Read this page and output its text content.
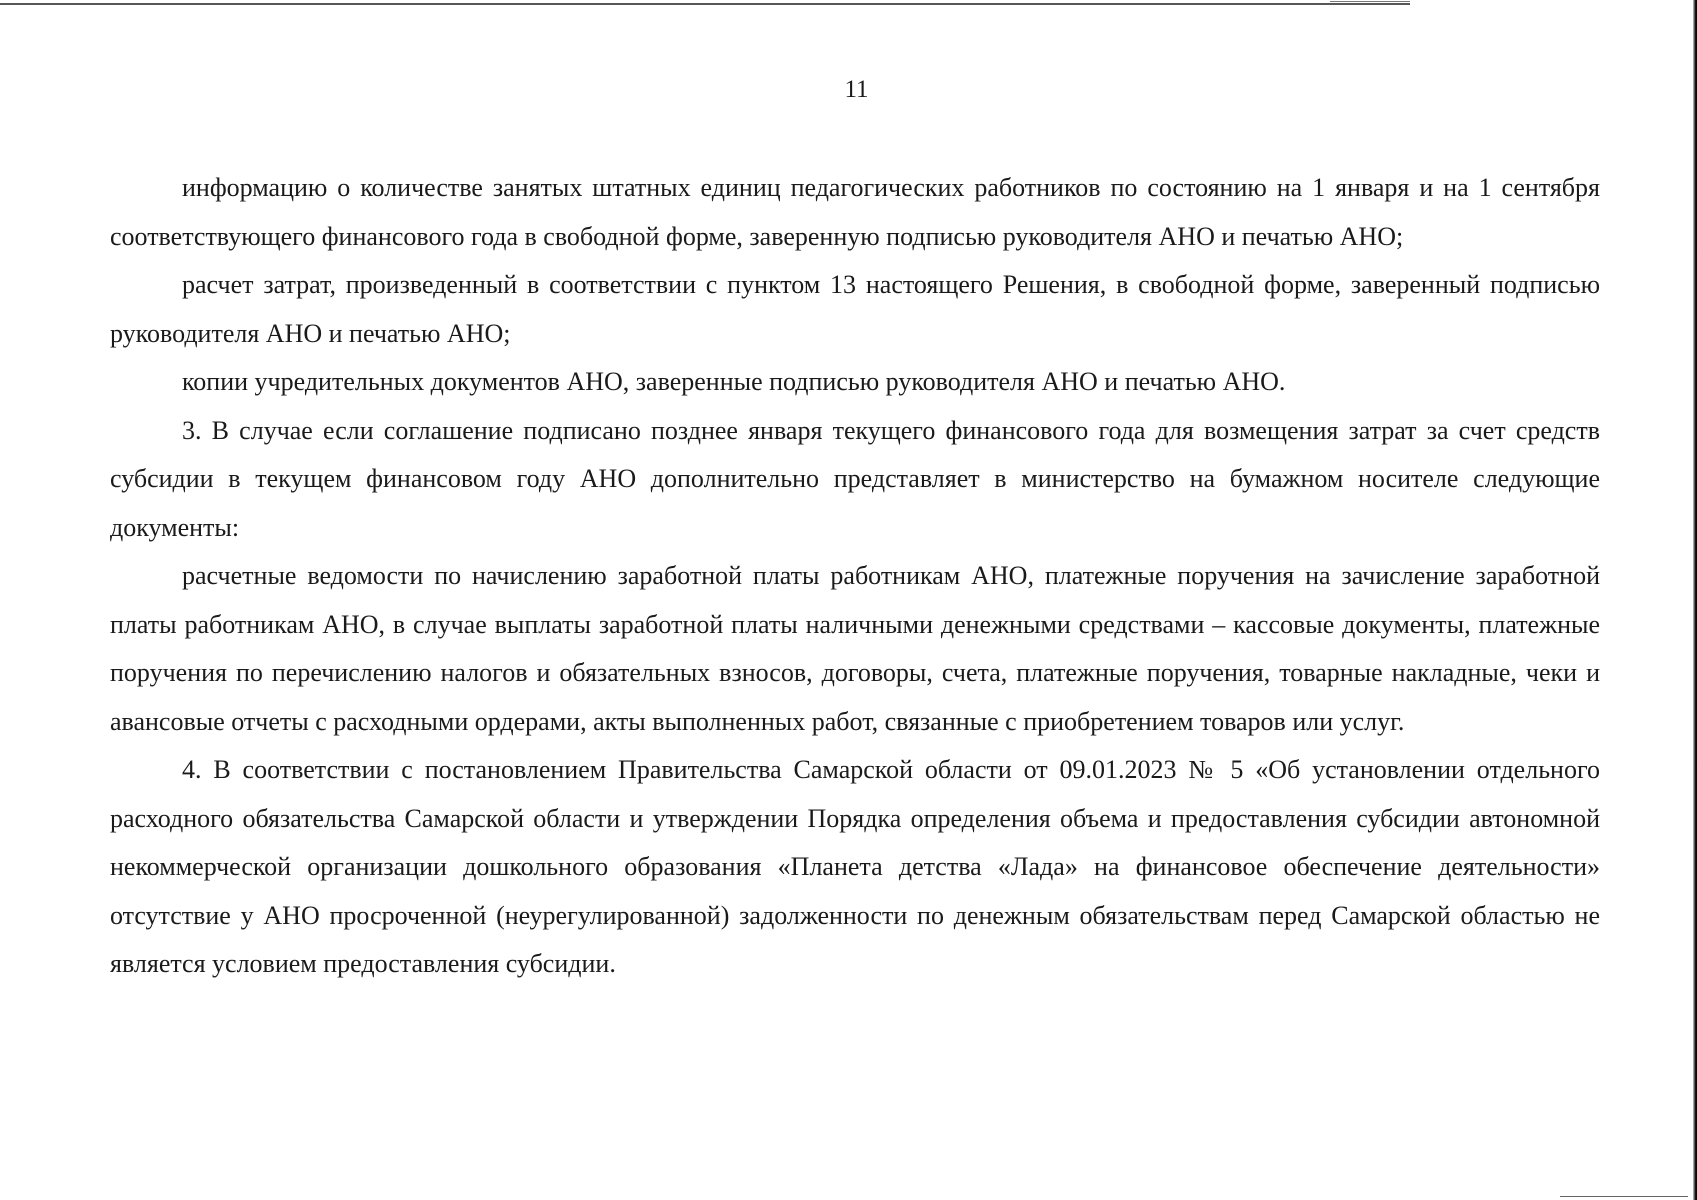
11

информацию о количестве занятых штатных единиц педагогических работников по состоянию на 1 января и на 1 сентября соответствующего финансового года в свободной форме, заверенную подписью руководителя АНО и печатью АНО;

расчет затрат, произведенный в соответствии с пунктом 13 настоящего Решения, в свободной форме, заверенный подписью руководителя АНО и печатью АНО;

копии учредительных документов АНО, заверенные подписью руководителя АНО и печатью АНО.

3. В случае если соглашение подписано позднее января текущего финансового года для возмещения затрат за счет средств субсидии в текущем финансовом году АНО дополнительно представляет в министерство на бумажном носителе следующие документы:

расчетные ведомости по начислению заработной платы работникам АНО, платежные поручения на зачисление заработной платы работникам АНО, в случае выплаты заработной платы наличными денежными средствами – кассовые документы, платежные поручения по перечислению налогов и обязательных взносов, договоры, счета, платежные поручения, товарные накладные, чеки и авансовые отчеты с расходными ордерами, акты выполненных работ, связанные с приобретением товаров или услуг.

4. В соответствии с постановлением Правительства Самарской области от 09.01.2023 № 5 «Об установлении отдельного расходного обязательства Самарской области и утверждении Порядка определения объема и предоставления субсидии автономной некоммерческой организации дошкольного образования «Планета детства «Лада» на финансовое обеспечение деятельности» отсутствие у АНО просроченной (неурегулированной) задолженности по денежным обязательствам перед Самарской областью не является условием предоставления субсидии.
